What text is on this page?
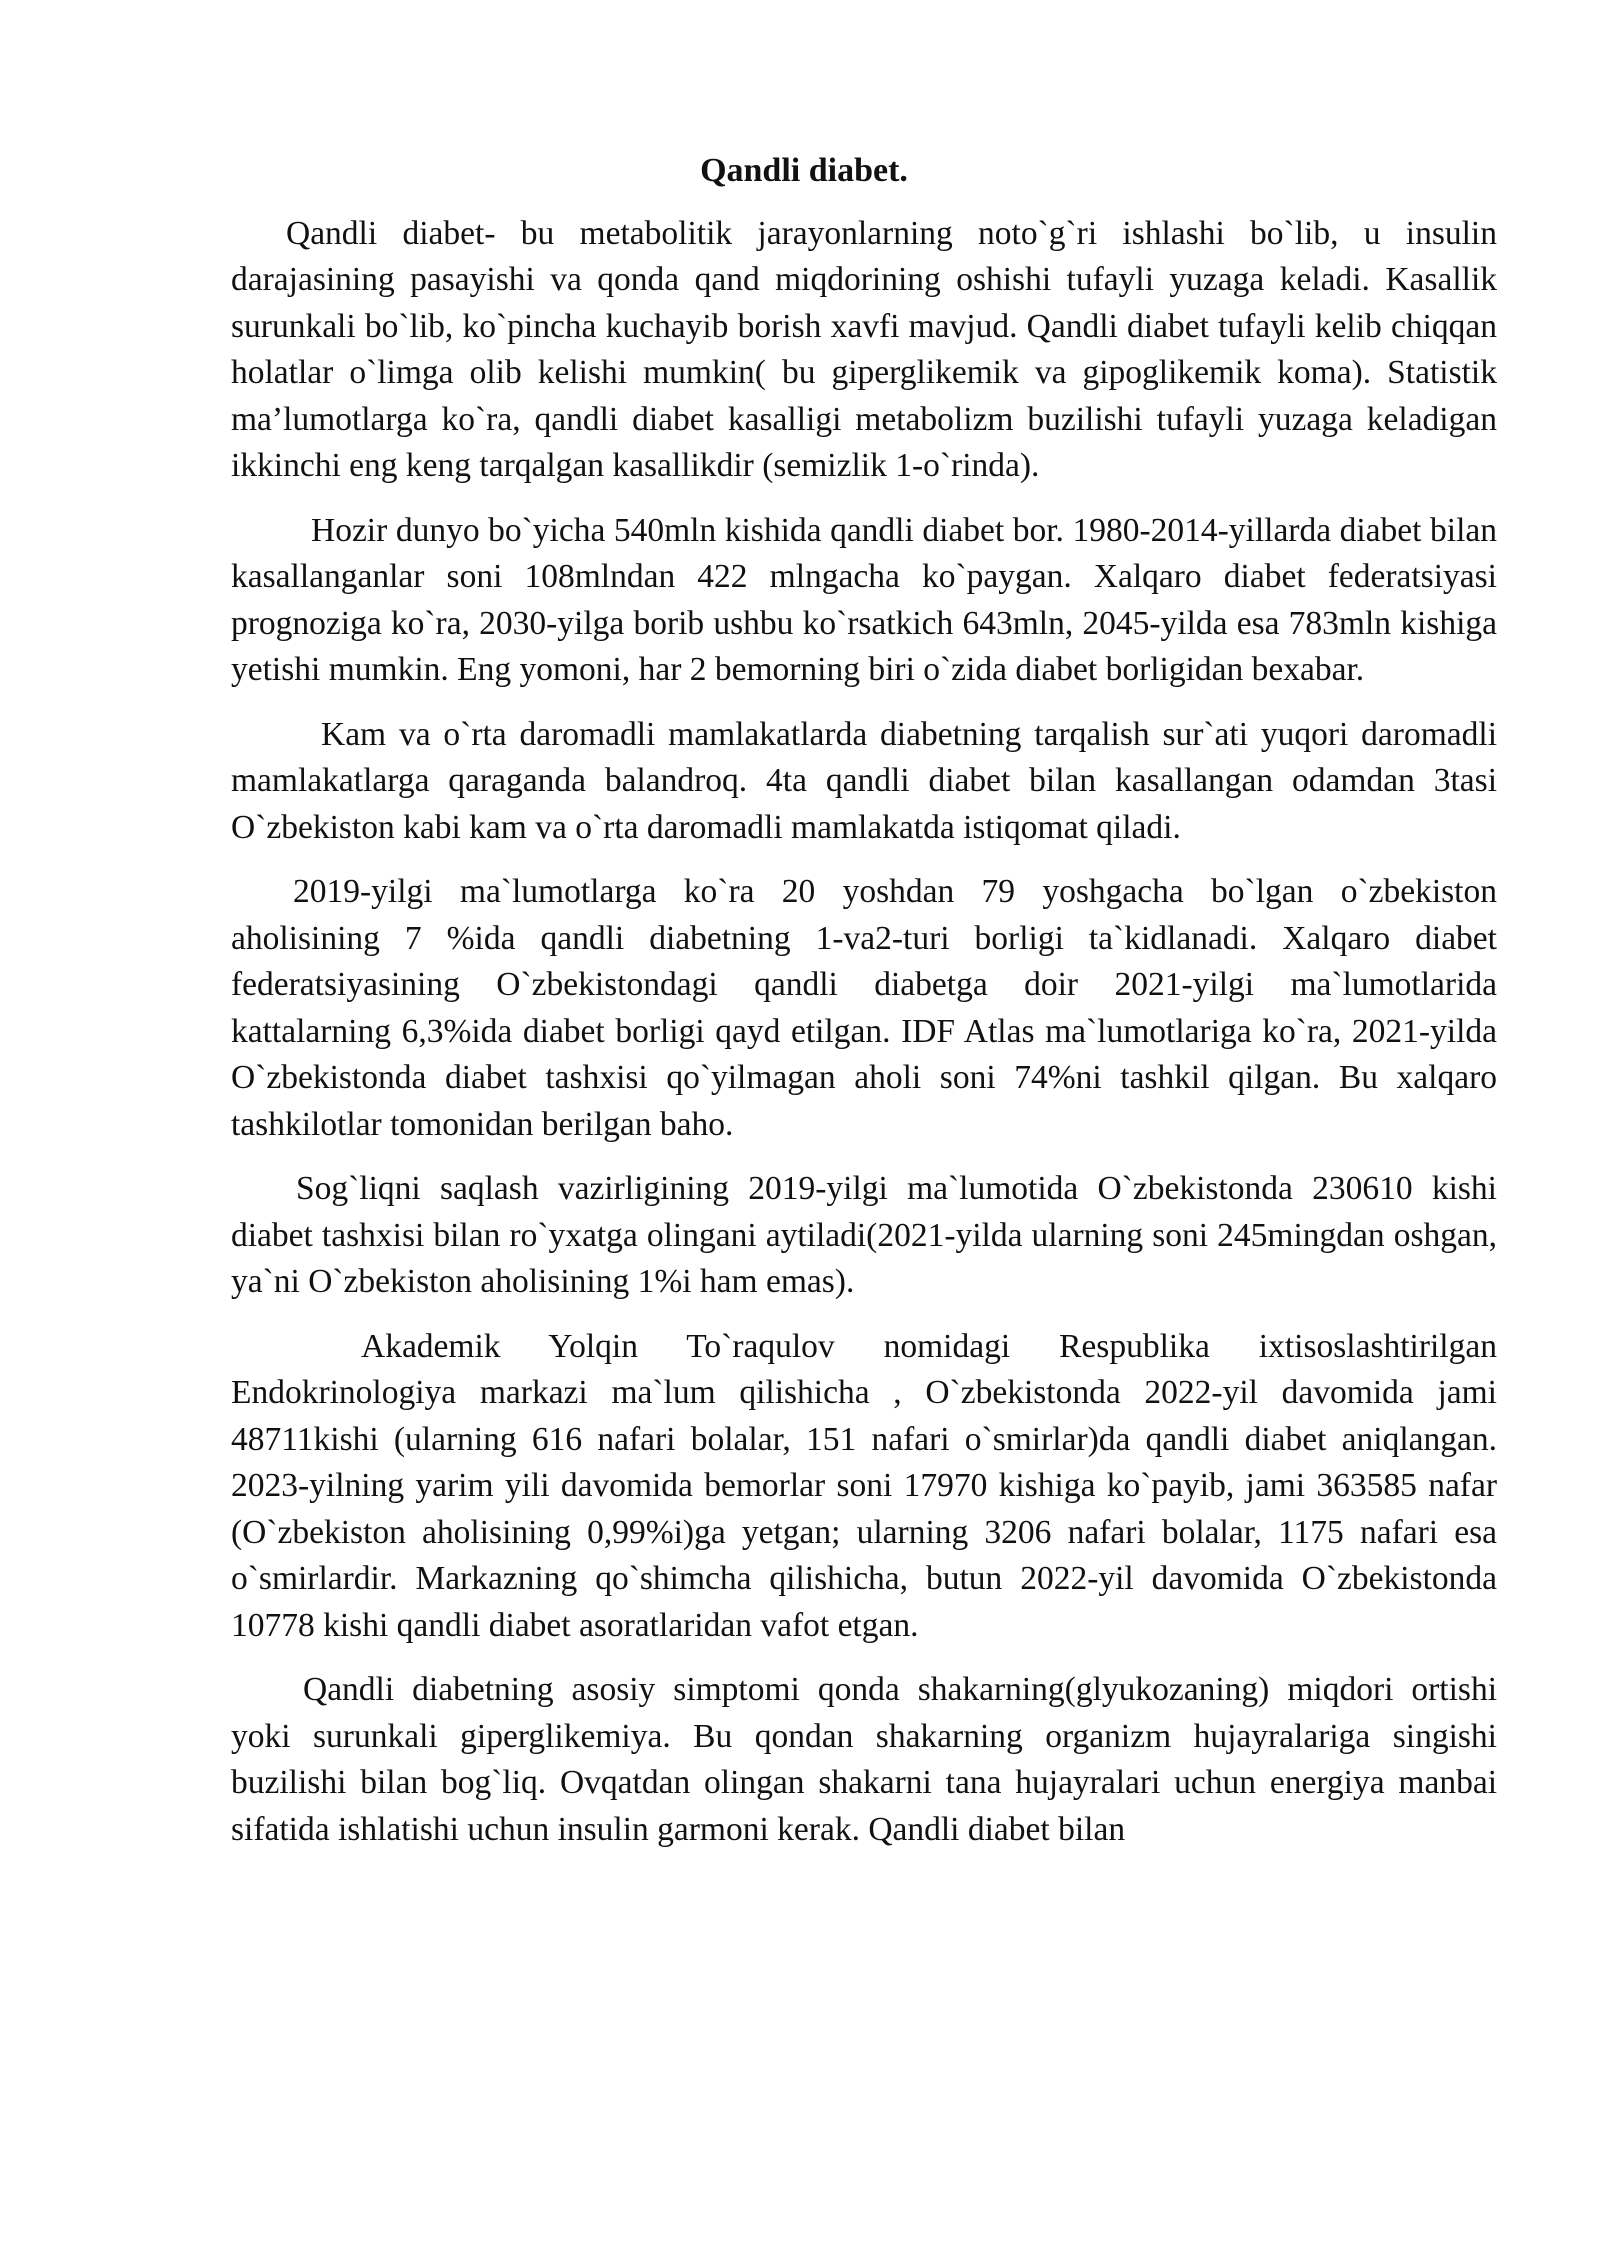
Qandli diabet.

Qandli diabet- bu metabolitik jarayonlarning noto`g`ri ishlashi bo`lib, u insulin darajasining pasayishi va qonda qand miqdorining oshishi tufayli yuzaga keladi. Kasallik surunkali bo`lib, ko`pincha kuchayib borish xavfi mavjud. Qandli diabet tufayli kelib chiqqan holatlar o`limga olib kelishi mumkin( bu giperglikemik va gipoglikemik koma). Statistik ma’lumotlarga ko`ra, qandli diabet kasalligi metabolizm buzilishi tufayli yuzaga keladigan ikkinchi eng keng tarqalgan kasallikdir (semizlik 1-o`rinda).

Hozir dunyo bo`yicha 540mln kishida qandli diabet bor. 1980-2014-yillarda diabet bilan kasallanganlar soni 108mlndan 422 mlngacha ko`paygan. Xalqaro diabet federatsiyasi prognoziga ko`ra, 2030-yilga borib ushbu ko`rsatkich 643mln, 2045-yilda esa 783mln kishiga yetishi mumkin. Eng yomoni, har 2 bemorning biri o`zida diabet borligidan bexabar.

Kam va o`rta daromadli mamlakatlarda diabetning tarqalish sur`ati yuqori daromadli mamlakatlarga qaraganda balandroq. 4ta qandli diabet bilan kasallangan odamdan 3tasi O`zbekiston kabi kam va o`rta daromadli mamlakatda istiqomat qiladi.

2019-yilgi ma`lumotlarga ko`ra 20 yoshdan 79 yoshgacha bo`lgan o`zbekiston aholisining 7 %ida qandli diabetning 1-va2-turi borligi ta`kidlanadi. Xalqaro diabet federatsiyasining O`zbekistondagi qandli diabetga doir 2021-yilgi ma`lumotlarida kattalarning 6,3%ida diabet borligi qayd etilgan. IDF Atlas ma`lumotlariga ko`ra, 2021-yilda O`zbekistonda diabet tashxisi qo`yilmagan aholi soni 74%ni tashkil qilgan. Bu xalqaro tashkilotlar tomonidan berilgan baho.

Sog`liqni saqlash vazirligining 2019-yilgi ma`lumotida O`zbekistonda 230610 kishi diabet tashxisi bilan ro`yxatga olingani aytiladi(2021-yilda ularning soni 245mingdan oshgan, ya`ni O`zbekiston aholisining 1%i ham emas).

Akademik Yolqin To`raqulov nomidagi Respublika ixtisoslashtirilgan Endokrinologiya markazi ma`lum qilishicha , O`zbekistonda 2022-yil davomida jami 48711kishi (ularning 616 nafari bolalar, 151 nafari o`smirlar)da qandli diabet aniqlangan. 2023-yilning yarim yili davomida bemorlar soni 17970 kishiga ko`payib, jami 363585 nafar (O`zbekiston aholisining 0,99%i)ga yetgan; ularning 3206 nafari bolalar, 1175 nafari esa o`smirlardir. Markazning qo`shimcha qilishicha, butun 2022-yil davomida O`zbekistonda 10778 kishi qandli diabet asoratlaridan vafot etgan.

Qandli diabetning asosiy simptomi qonda shakarning(glyukozaning) miqdori ortishi yoki surunkali giperglikemiya. Bu qondan shakarning organizm hujayralariga singishi buzilishi bilan bog`liq. Ovqatdan olingan shakarni tana hujayralari uchun energiya manbai sifatida ishlatishi uchun insulin garmoni kerak. Qandli diabet bilan
